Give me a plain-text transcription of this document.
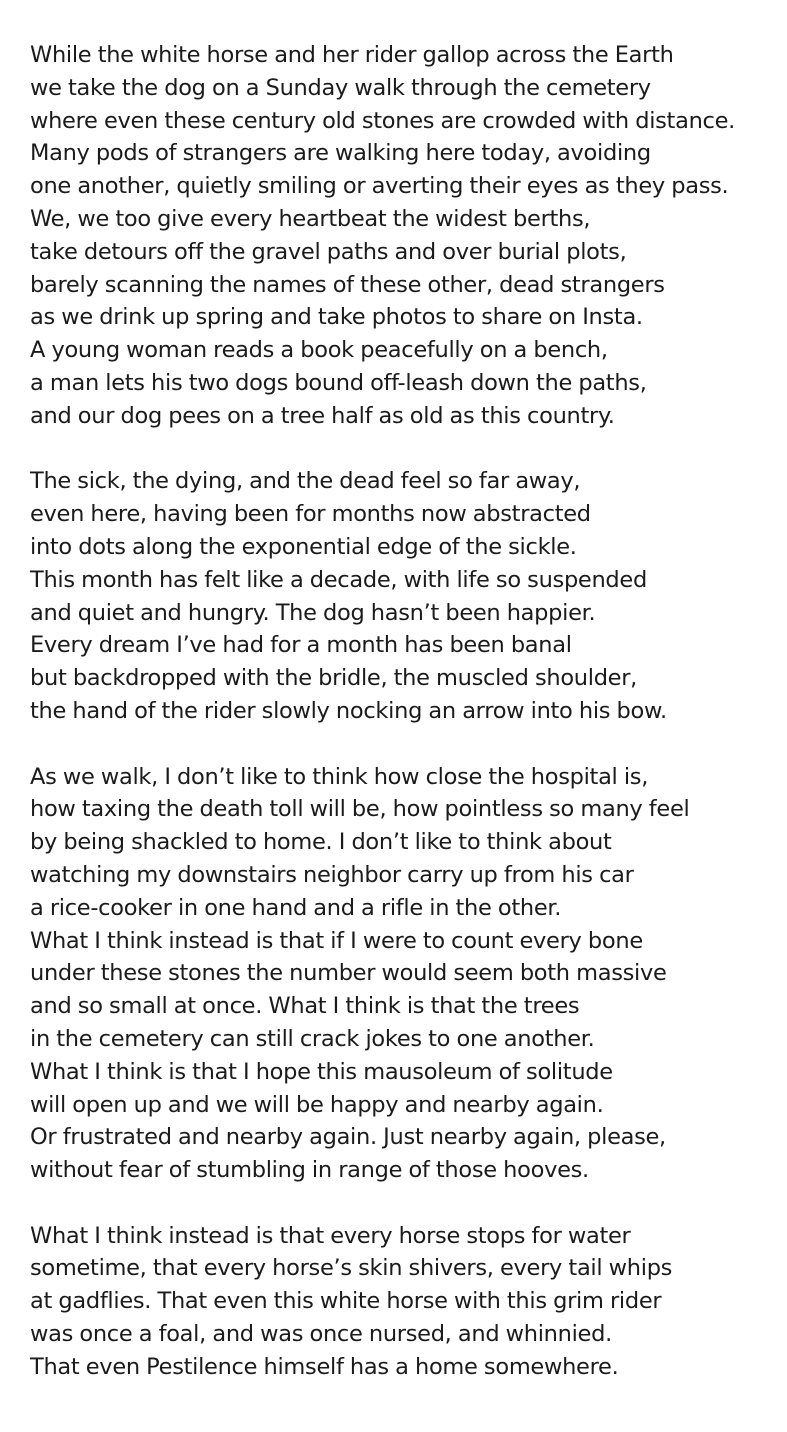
While the white horse and her rider gallop across the Earth
we take the dog on a Sunday walk through the cemetery
where even these century old stones are crowded with distance.
Many pods of strangers are walking here today, avoiding
one another, quietly smiling or averting their eyes as they pass.
We, we too give every heartbeat the widest berths,
take detours off the gravel paths and over burial plots,
barely scanning the names of these other, dead strangers
as we drink up spring and take photos to share on Insta.
A young woman reads a book peacefully on a bench,
a man lets his two dogs bound off-leash down the paths,
and our dog pees on a tree half as old as this country.
The sick, the dying, and the dead feel so far away,
even here, having been for months now abstracted
into dots along the exponential edge of the sickle.
This month has felt like a decade, with life so suspended
and quiet and hungry. The dog hasn’t been happier.
Every dream I’ve had for a month has been banal
but backdropped with the bridle, the muscled shoulder,
the hand of the rider slowly nocking an arrow into his bow.
As we walk, I don’t like to think how close the hospital is,
how taxing the death toll will be, how pointless so many feel
by being shackled to home. I don’t like to think about
watching my downstairs neighbor carry up from his car
a rice-cooker in one hand and a rifle in the other.
What I think instead is that if I were to count every bone
under these stones the number would seem both massive
and so small at once. What I think is that the trees
in the cemetery can still crack jokes to one another.
What I think is that I hope this mausoleum of solitude
will open up and we will be happy and nearby again.
Or frustrated and nearby again. Just nearby again, please,
without fear of stumbling in range of those hooves.
What I think instead is that every horse stops for water
sometime, that every horse’s skin shivers, every tail whips
at gadflies. That even this white horse with this grim rider
was once a foal, and was once nursed, and whinnied.
That even Pestilence himself has a home somewhere.
